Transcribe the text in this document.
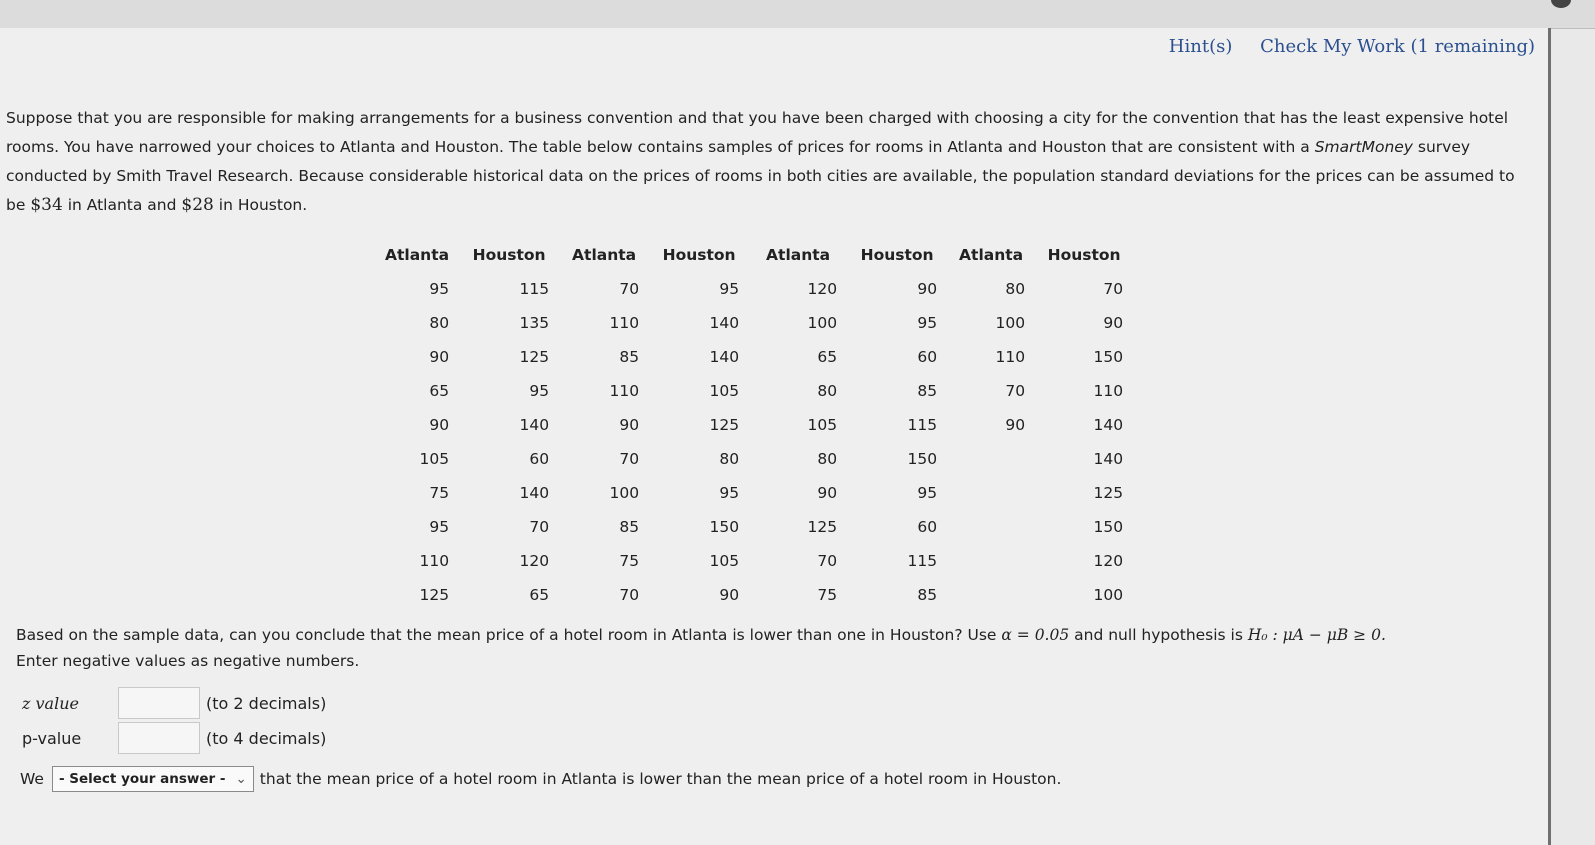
Hint(s) Check My Work (1 remaining)
Suppose that you are responsible for making arrangements for a business convention and that you have been charged with choosing a city for the convention that has the least expensive hotel rooms. You have narrowed your choices to Atlanta and Houston. The table below contains samples of prices for rooms in Atlanta and Houston that are consistent with a SmartMoney survey conducted by Smith Travel Research. Because considerable historical data on the prices of rooms in both cities are available, the population standard deviations for the prices can be assumed to be $34 in Atlanta and $28 in Houston.
Atlanta	Houston	Atlanta	Houston	Atlanta	Houston	Atlanta	Houston
95	115	70	95	120	90	80	70
80	135	110	140	100	95	100	90
90	125	85	140	65	60	110	150
65	95	110	105	80	85	70	110
90	140	90	125	105	115	90	140
105	60	70	80	80	150		140
75	140	100	95	90	95		125
95	70	85	150	125	60		150
110	120	75	105	70	115		120
125	65	70	90	75	85		100
Based on the sample data, can you conclude that the mean price of a hotel room in Atlanta is lower than one in Houston? Use α = 0.05 and null hypothesis is H₀ : μA − μB ≥ 0.
Enter negative values as negative numbers.
z value	(to 2 decimals)
p-value	(to 4 decimals)
We - Select your answer - ⌄ that the mean price of a hotel room in Atlanta is lower than the mean price of a hotel room in Houston.
